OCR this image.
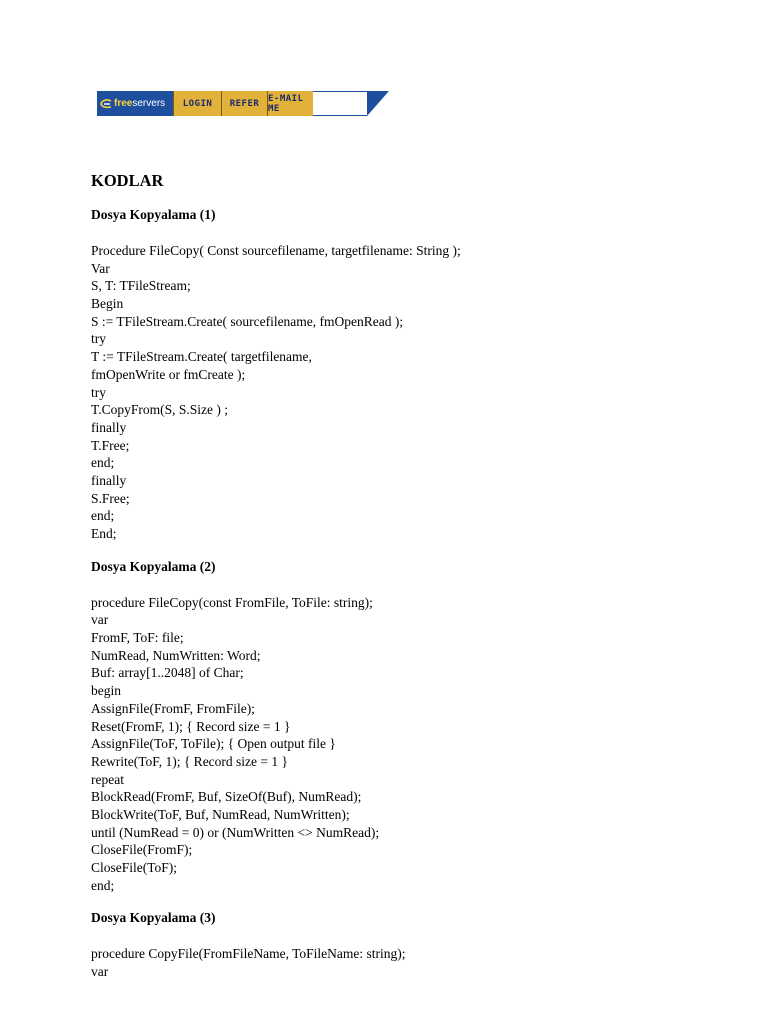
free servers	LOGIN	REFER E-MAIL ME
KODLAR
Dosya Kopyalama (1)
Procedure FileCopy( Const sourcefilename, targetfilename: String );
Var
S, T: TFileStream;
Begin
S := TFileStream.Create( sourcefilename, fmOpenRead );
try
T := TFileStream.Create( targetfilename,
fmOpenWrite or fmCreate );
try
T.CopyFrom(S, S.Size ) ;
finally
T.Free;
end;
finally
S.Free;
end;
End;
Dosya Kopyalama (2)
procedure FileCopy(const FromFile, ToFile: string);
var
FromF, ToF: file;
NumRead, NumWritten: Word;
Buf: array[1..2048] of Char;
begin
AssignFile(FromF, FromFile);
Reset(FromF, 1); { Record size = 1 }
AssignFile(ToF, ToFile); { Open output file }
Rewrite(ToF, 1); { Record size = 1 }
repeat
BlockRead(FromF, Buf, SizeOf(Buf), NumRead);
BlockWrite(ToF, Buf, NumRead, NumWritten);
until (NumRead = 0) or (NumWritten <> NumRead);
CloseFile(FromF);
CloseFile(ToF);
end;
Dosya Kopyalama (3)
procedure CopyFile(FromFileName, ToFileName: string);
var
